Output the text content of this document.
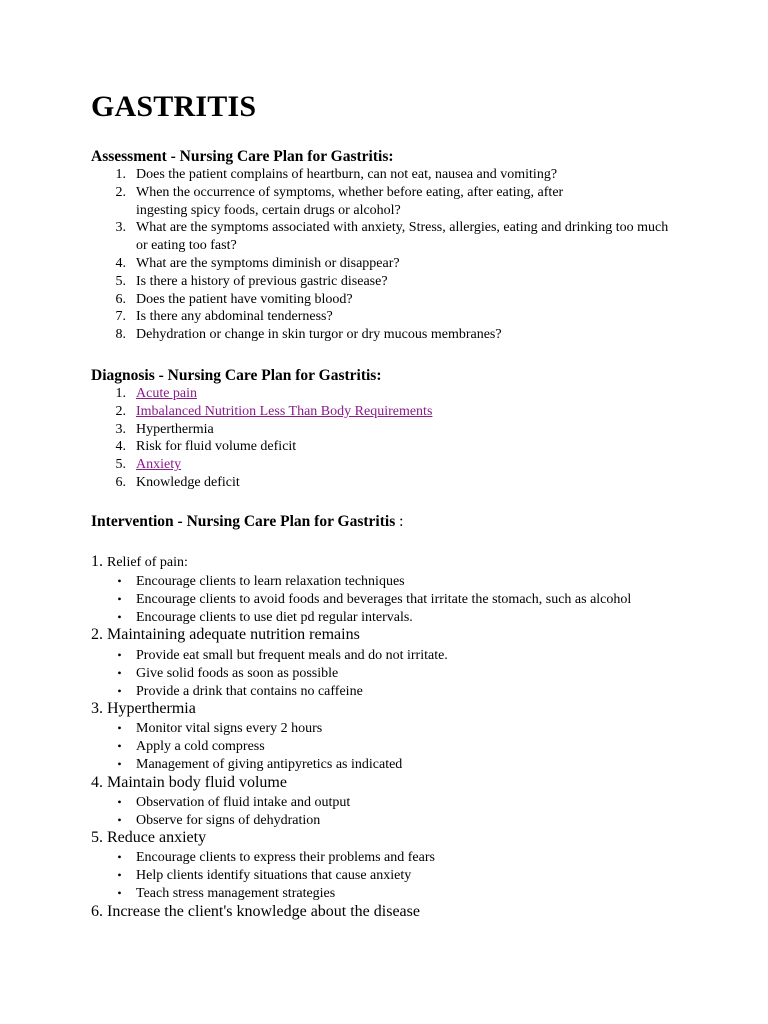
GASTRITIS

Assessment - Nursing Care Plan for Gastritis:

1. Does the patient complains of heartburn, can not eat, nausea and vomiting?
2. When the occurrence of symptoms, whether before eating, after eating, after ingesting spicy foods, certain drugs or alcohol?
3. What are the symptoms associated with anxiety, Stress, allergies, eating and drinking too much or eating too fast?
4. What are the symptoms diminish or disappear?
5. Is there a history of previous gastric disease?
6. Does the patient have vomiting blood?
7. Is there any abdominal tenderness?
8. Dehydration or change in skin turgor or dry mucous membranes?

Diagnosis - Nursing Care Plan for Gastritis:

1. Acute pain
2. Imbalanced Nutrition Less Than Body Requirements
3. Hyperthermia
4. Risk for fluid volume deficit
5. Anxiety
6. Knowledge deficit

Intervention - Nursing Care Plan for Gastritis :

1. Relief of pain:

•	Encourage clients to learn relaxation techniques
•	Encourage clients to avoid foods and beverages that irritate the stomach, such as alcohol
•	Encourage clients to use diet pd regular intervals.

2. Maintaining adequate nutrition remains

•	Provide eat small but frequent meals and do not irritate.
•	Give solid foods as soon as possible
•	Provide a drink that contains no caffeine

3. Hyperthermia

•	Monitor vital signs every 2 hours
•	Apply a cold compress
•	Management of giving antipyretics as indicated

4. Maintain body fluid volume

•	Observation of fluid intake and output
•	Observe for signs of dehydration

5. Reduce anxiety

•	Encourage clients to express their problems and fears
•	Help clients identify situations that cause anxiety
•	Teach stress management strategies

6. Increase the client's knowledge about the disease
